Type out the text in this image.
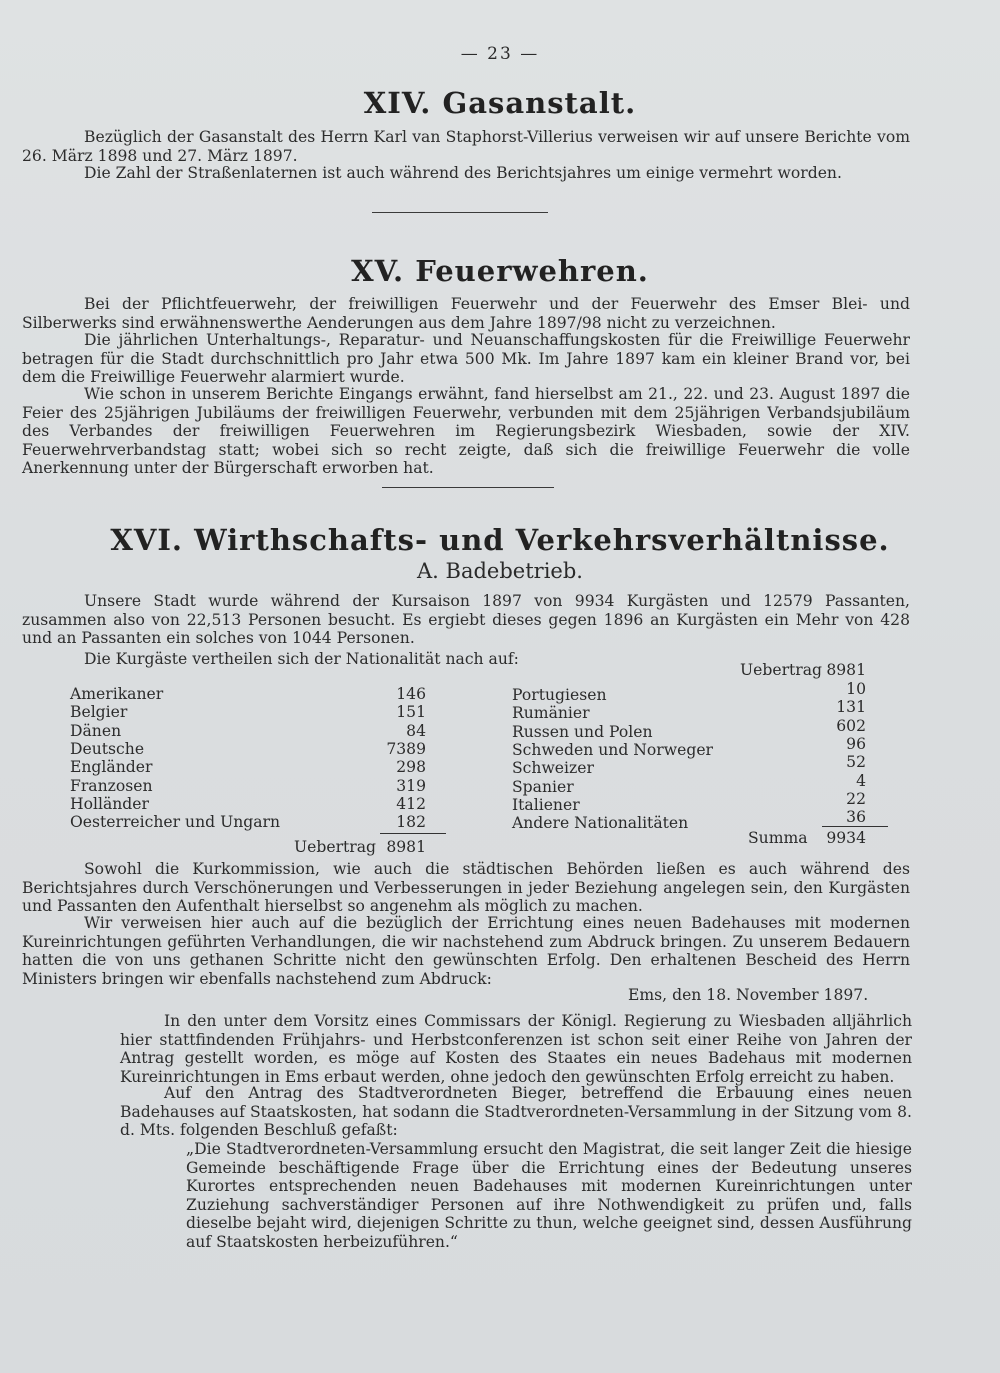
— 23 —
XIV. Gasanstalt.
Bezüglich der Gasanstalt des Herrn Karl van Staphorst-Villerius verweisen wir auf unsere Berichte vom 26. März 1898 und 27. März 1897.
Die Zahl der Straßenlaternen ist auch während des Berichtsjahres um einige vermehrt worden.
XV. Feuerwehren.
Bei der Pflichtfeuerwehr, der freiwilligen Feuerwehr und der Feuerwehr des Emser Blei- und Silberwerks sind erwähnenswerthe Aenderungen aus dem Jahre 1897/98 nicht zu verzeichnen.
Die jährlichen Unterhaltungs-, Reparatur- und Neuanschaffungskosten für die Freiwillige Feuerwehr betragen für die Stadt durchschnittlich pro Jahr etwa 500 Mk. Im Jahre 1897 kam ein kleiner Brand vor, bei dem die Freiwillige Feuerwehr alarmiert wurde.
Wie schon in unserem Berichte Eingangs erwähnt, fand hierselbst am 21., 22. und 23. August 1897 die Feier des 25jährigen Jubiläums der freiwilligen Feuerwehr, verbunden mit dem 25jährigen Verbandsjubiläum des Verbandes der freiwilligen Feuerwehren im Regierungsbezirk Wiesbaden, sowie der XIV. Feuerwehrverbandstag statt; wobei sich so recht zeigte, daß sich die freiwillige Feuerwehr die volle Anerkennung unter der Bürgerschaft erworben hat.
XVI. Wirthschafts- und Verkehrsverhältnisse.
A. Badebetrieb.
Unsere Stadt wurde während der Kursaison 1897 von 9934 Kurgästen und 12579 Passanten, zusammen also von 22,513 Personen besucht. Es ergiebt dieses gegen 1896 an Kurgästen ein Mehr von 428 und an Passanten ein solches von 1044 Personen.
Die Kurgäste vertheilen sich der Nationalität nach auf:
Amerikaner	146
Belgier	151
Dänen	84
Deutsche	7389
Engländer	298
Franzosen	319
Holländer	412
Oesterreicher und Ungarn	182
Uebertrag 8981
Uebertrag 8981
Portugiesen	10
Rumänier	131
Russen und Polen	602
Schweden und Norweger	96
Schweizer	52
Spanier	4
Italiener	22
Andere Nationalitäten	36
Summa	9934
Sowohl die Kurkommission, wie auch die städtischen Behörden ließen es auch während des Berichtsjahres durch Verschönerungen und Verbesserungen in jeder Beziehung angelegen sein, den Kurgästen und Passanten den Aufenthalt hierselbst so angenehm als möglich zu machen.
Wir verweisen hier auch auf die bezüglich der Errichtung eines neuen Badehauses mit modernen Kureinrichtungen geführten Verhandlungen, die wir nachstehend zum Abdruck bringen. Zu unserem Bedauern hatten die von uns gethanen Schritte nicht den gewünschten Erfolg. Den erhaltenen Bescheid des Herrn Ministers bringen wir ebenfalls nachstehend zum Abdruck:
Ems, den 18. November 1897.
In den unter dem Vorsitz eines Commissars der Königl. Regierung zu Wiesbaden alljährlich hier stattfindenden Frühjahrs- und Herbstconferenzen ist schon seit einer Reihe von Jahren der Antrag gestellt worden, es möge auf Kosten des Staates ein neues Badehaus mit modernen Kureinrichtungen in Ems erbaut werden, ohne jedoch den gewünschten Erfolg erreicht zu haben.
Auf den Antrag des Stadtverordneten Bieger, betreffend die Erbauung eines neuen Badehauses auf Staatskosten, hat sodann die Stadtverordneten-Versammlung in der Sitzung vom 8. d. Mts. folgenden Beschluß gefaßt:
„Die Stadtverordneten-Versammlung ersucht den Magistrat, die seit langer Zeit die hiesige Gemeinde beschäftigende Frage über die Errichtung eines der Bedeutung unseres Kurortes entsprechenden neuen Badehauses mit modernen Kureinrichtungen unter Zuziehung sachverständiger Personen auf ihre Nothwendigkeit zu prüfen und, falls dieselbe bejaht wird, diejenigen Schritte zu thun, welche geeignet sind, dessen Ausführung auf Staatskosten herbeizuführen.“
